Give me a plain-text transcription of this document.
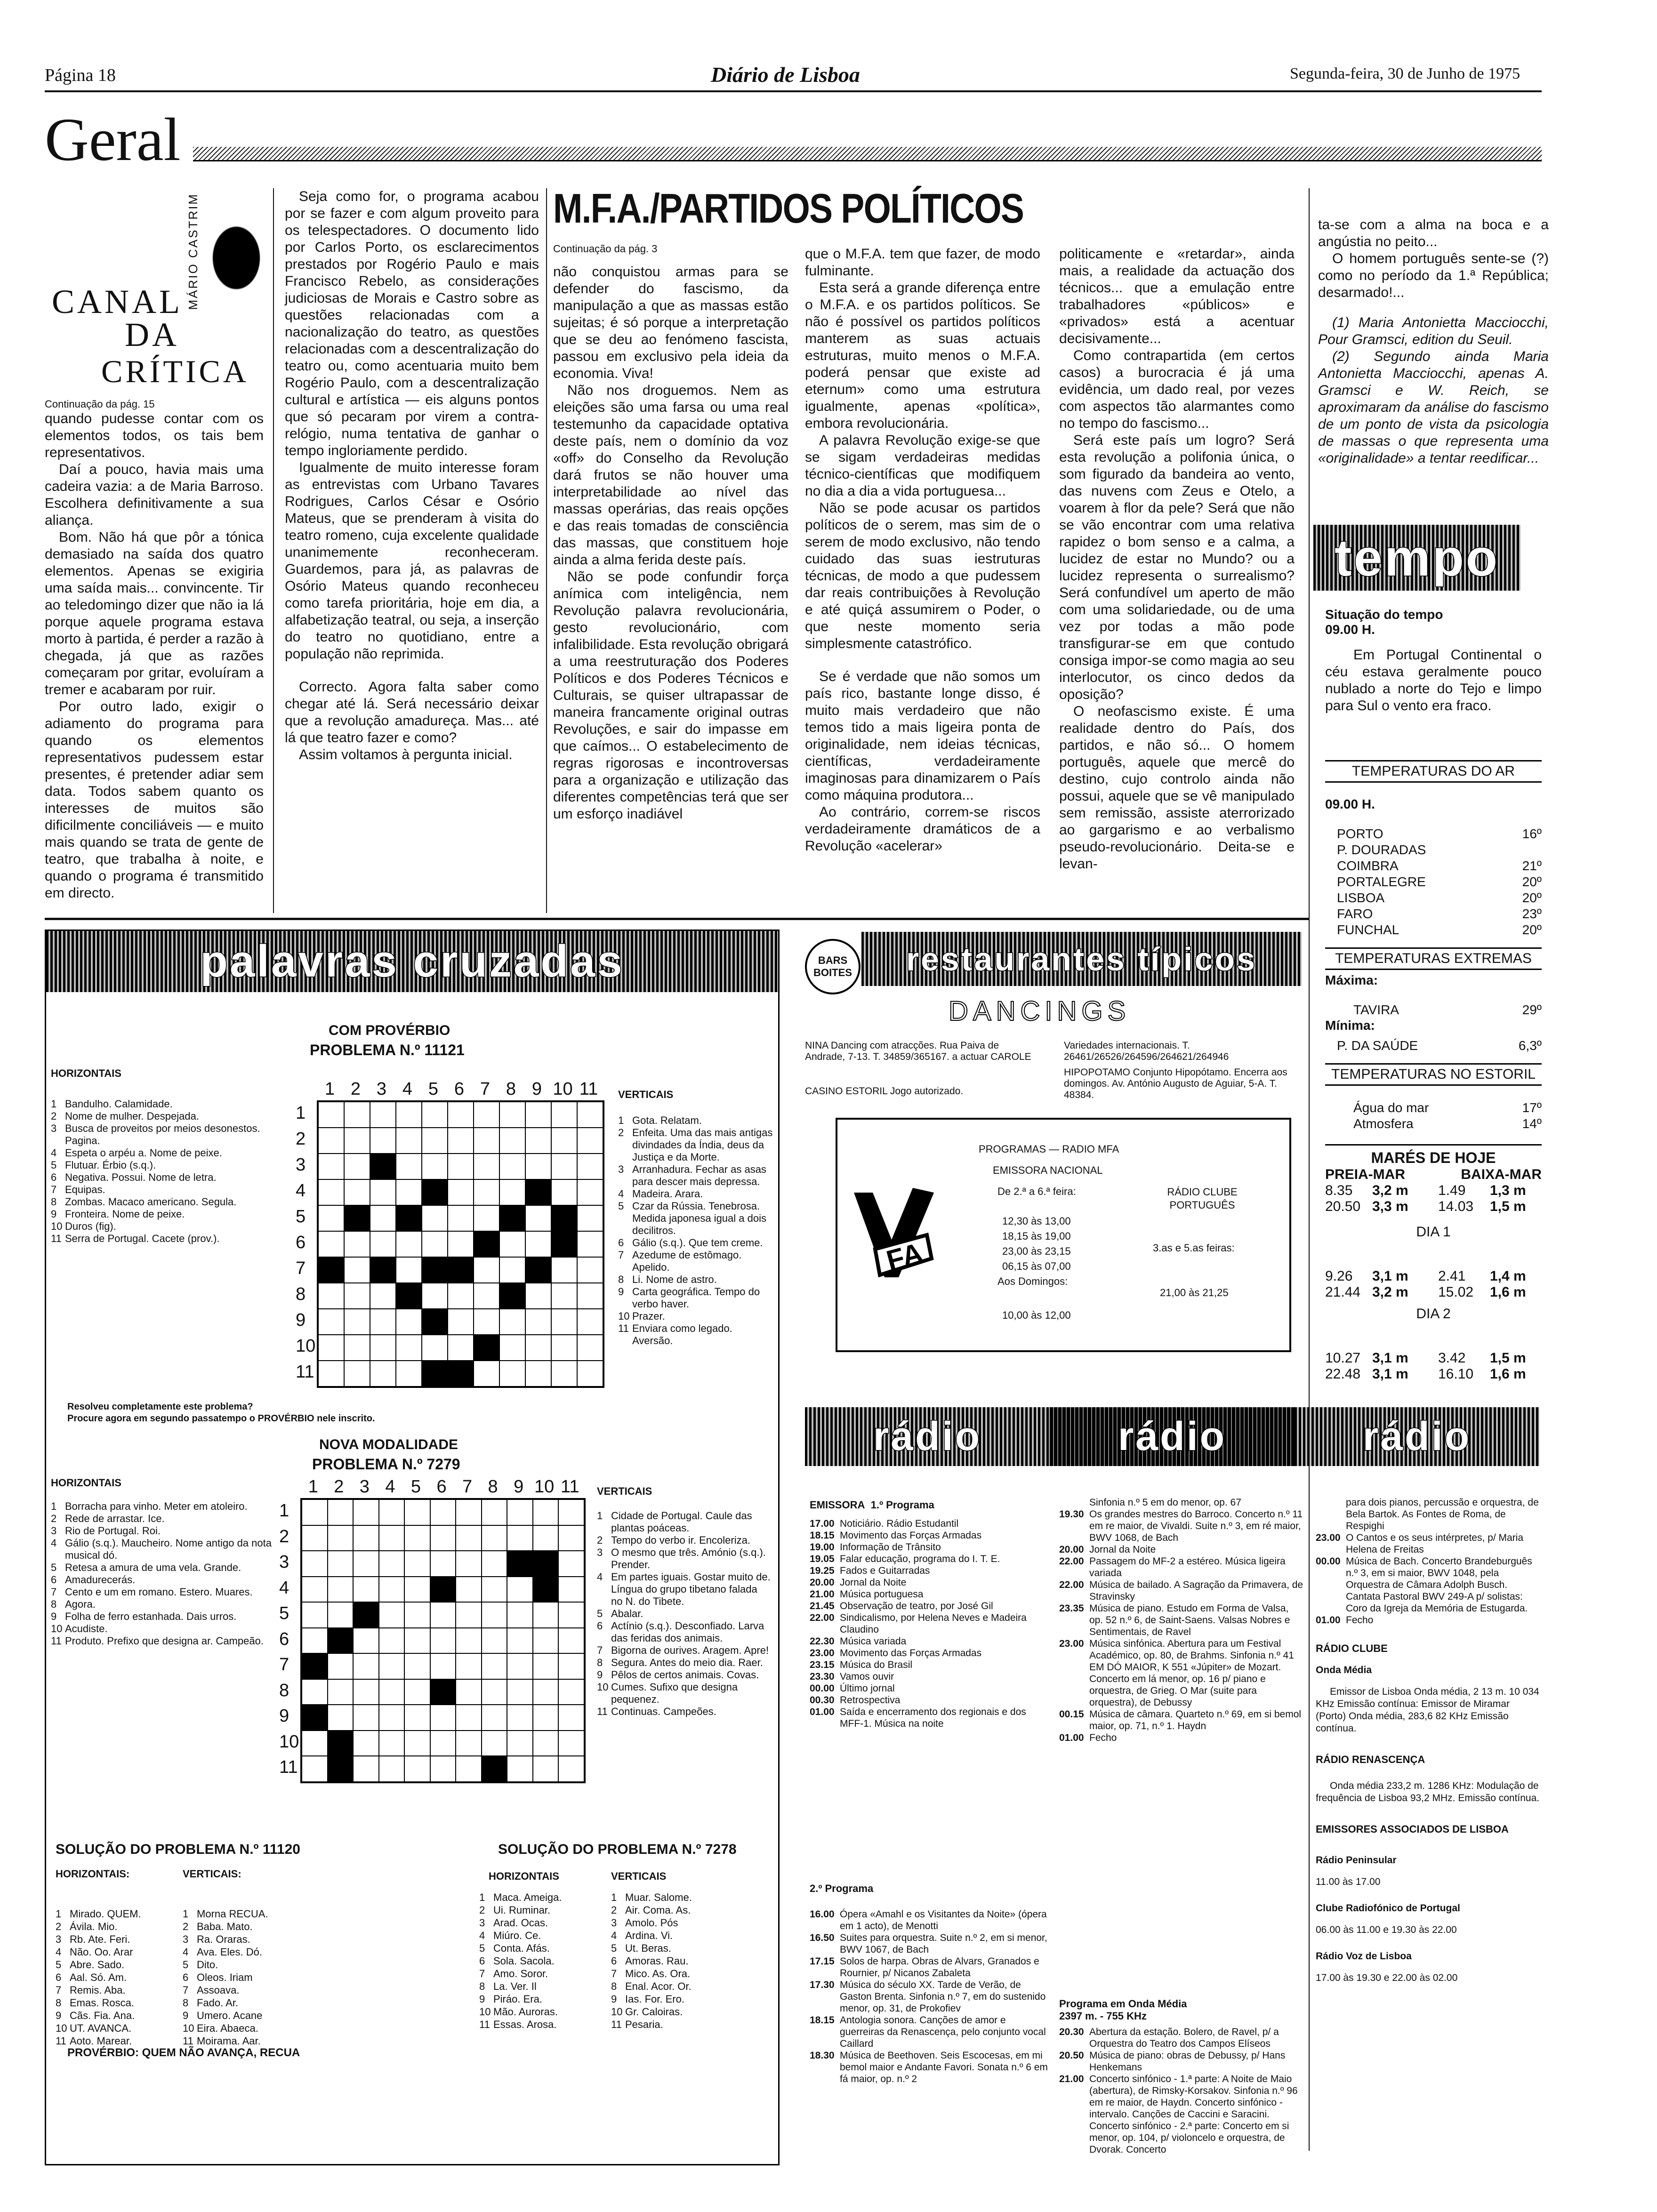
Página 18	Diário de Lisboa	Segunda-feira, 30 de Junho de 1975
Geral
MÁRIO CASTRIM
CANAL
DA
CRÍTICA
Continuação da pág. 15

quando pudesse contar com os elementos todos, os tais bem representativos.

Daí a pouco, havia mais uma cadeira vazia: a de Maria Barroso. Escolhera definitivamente a sua aliança.

Bom. Não há que pôr a tónica demasiado na saída dos quatro elementos. Apenas se exigiria uma saída mais... convincente. Tir ao teledomingo dizer que não ia lá porque aquele programa estava morto à partida, é perder a razão à chegada, já que as razões começaram por gritar, evoluíram a tremer e acabaram por ruir.

Por outro lado, exigir o adiamento do programa para quando os elementos representativos pudessem estar presentes, é pretender adiar sem data. Todos sabem quanto os interesses de muitos são dificilmente conciliáveis — e muito mais quando se trata de gente de teatro, que trabalha à noite, e quando o programa é transmitido em directo.

Seja como for, o programa acabou por se fazer e com algum proveito para os telespectadores. O documento lido por Carlos Porto, os esclarecimentos prestados por Rogério Paulo e mais Francisco Rebelo, as considerações judiciosas de Morais e Castro sobre as questões relacionadas com a nacionalização do teatro, as questões relacionadas com a descentralização do teatro ou, como acentuaria muito bem Rogério Paulo, com a descentralização cultural e artística — eis alguns pontos que só pecaram por virem a contra-relógio, numa tentativa de ganhar o tempo ingloriamente perdido.

Igualmente de muito interesse foram as entrevistas com Urbano Tavares Rodrigues, Carlos César e Osório Mateus, que se prenderam à visita do teatro romeno, cuja excelente qualidade unanimemente reconheceram. Guardemos, para já, as palavras de Osório Mateus quando reconheceu como tarefa prioritária, hoje em dia, a alfabetização teatral, ou seja, a inserção do teatro no quotidiano, entre a população não reprimida.

Correcto. Agora falta saber como chegar até lá. Será necessário deixar que a revolução amadureça. Mas... até lá que teatro fazer e como?

Assim voltamos à pergunta inicial.

M.F.A./PARTIDOS POLÍTICOS
Continuação da pág. 3

não conquistou armas para se defender do fascismo, da manipulação a que as massas estão sujeitas; é só porque a interpretação que se deu ao fenómeno fascista, passou em exclusivo pela ideia da economia. Viva!

Não nos droguemos. Nem as eleições são uma farsa ou uma real testemunho da capacidade optativa deste país, nem o domínio da voz «off» do Conselho da Revolução dará frutos se não houver uma interpretabilidade ao nível das massas operárias, das reais opções e das reais tomadas de consciência das massas, que constituem hoje ainda a alma ferida deste país.

Não se pode confundir força anímica com inteligência, nem Revolução palavra revolucionária, gesto revolucionário, com infalibilidade. Esta revolução obrigará a uma reestruturação dos Poderes Políticos e dos Poderes Técnicos e Culturais, se quiser ultrapassar de maneira francamente original outras Revoluções, e sair do impasse em que caímos... O estabelecimento de regras rigorosas e incontroversas para a organização e utilização das diferentes competências terá que ser um esforço inadiável

que o M.F.A. tem que fazer, de modo fulminante.

Esta será a grande diferença entre o M.F.A. e os partidos políticos. Se não é possível os partidos políticos manterem as suas actuais estruturas, muito menos o M.F.A. poderá pensar que existe ad eternum» como uma estrutura igualmente, apenas «política», embora revolucionária.

A palavra Revolução exige-se que se sigam verdadeiras medidas técnico-científicas que modifiquem no dia a dia a vida portuguesa...

Não se pode acusar os partidos políticos de o serem, mas sim de o serem de modo exclusivo, não tendo cuidado das suas iestruturas técnicas, de modo a que pudessem dar reais contribuições à Revolução e até quiçá assumirem o Poder, o que neste momento seria simplesmente catastrófico.

Se é verdade que não somos um país rico, bastante longe disso, é muito mais verdadeiro que não temos tido a mais ligeira ponta de originalidade, nem ideias técnicas, científicas, verdadeiramente imaginosas para dinamizarem o País como máquina produtora...

Ao contrário, correm-se riscos verdadeiramente dramáticos de a Revolução «acelerar»

politicamente e «retardar», ainda mais, a realidade da actuação dos técnicos... que a emulação entre trabalhadores «públicos» e «privados» está a acentuar decisivamente...

Como contrapartida (em certos casos) a burocracia é já uma evidência, um dado real, por vezes com aspectos tão alarmantes como no tempo do fascismo...

Será este país um logro? Será esta revolução a polifonia única, o som figurado da bandeira ao vento, das nuvens com Zeus e Otelo, a voarem à flor da pele? Será que não se vão encontrar com uma relativa rapidez o bom senso e a calma, a lucidez de estar no Mundo? ou a lucidez representa o surrealismo? Será confundível um aperto de mão com uma solidariedade, ou de uma vez por todas a mão pode transfigurar-se em que contudo consiga impor-se como magia ao seu interlocutor, os cinco dedos da oposição?

O neofascismo existe. É uma realidade dentro do País, dos partidos, e não só... O homem português, aquele que mercê do destino, cujo controlo ainda não possui, aquele que se vê manipulado sem remissão, assiste aterrorizado ao gargarismo e ao verbalismo pseudo-revolucionário. Deita-se e levan-

ta-se com a alma na boca e a angústia no peito...

O homem português sente-se (?) como no período da 1.ª República; desarmado!...

(1) Maria Antonietta Macciocchi, Pour Gramsci, edition du Seuil.

(2) Segundo ainda Maria Antonietta Macciocchi, apenas A. Gramsci e W. Reich, se aproximaram da análise do fascismo de um ponto de vista da psicologia de massas o que representa uma «originalidade» a tentar reedificar...

tempo
Situação do tempo
09.00 H.
Em Portugal Continental o céu estava geralmente pouco nublado a norte do Tejo e limpo para Sul o vento era fraco.
TEMPERATURAS DO AR
09.00 H.
PORTO	16º
P. DOURADAS
COIMBRA	21º
PORTALEGRE	20º
LISBOA	20º
FARO	23º
FUNCHAL	20º
TEMPERATURAS EXTREMAS
Máxima:
TAVIRA	29º
Mínima:
P. DA SAÚDE	6,3º
TEMPERATURAS NO ESTORIL
Água do mar	17º
Atmosfera	14º
MARÉS DE HOJE
PREIA-MAR	BAIXA-MAR
8.35	3,2 m	1.49	1,3 m
20.50 3,3 m	14.03	1,5 m
DIA 1
9.26	3,1 m	2.41	1,4 m
21.44 3,2 m	15.02	1,6 m
DIA 2
10.27 3,1 m	3.42	1,5 m
22.48 3,1 m	16.10	1,6 m
palavras cruzadas
COM PROVÉRBIO
PROBLEMA N.º 11121
HORIZONTAIS
1 Bandulho. Calamidade.
2 Nome de mulher. Despejada.
3 Busca de proveitos por meios desonestos. Pagina.
4 Espeta o arpéu a. Nome de peixe.
5 Flutuar. Érbio (s.q.).
6 Negativa. Possui. Nome de letra.
7 Equipas.
8 Zombas. Macaco americano. Segula.
9 Fronteira. Nome de peixe.
10 Duros (fig).
11 Serra de Portugal. Cacete (prov.).
1 2 3 4 5 6 7 8 9 10 11
1
2
3
4
5
6
7
8
9
10
11
VERTICAIS
1 Gota. Relatam.
2 Enfeita. Uma das mais antigas divindades da Índia, deus da Justiça e da Morte.
3 Arranhadura. Fechar as asas para descer mais depressa.
4 Madeira. Arara.
5 Czar da Rússia. Tenebrosa. Medida japonesa igual a dois decilitros.
6 Gálio (s.q.). Que tem creme.
7 Azedume de estômago. Apelido.
8 Li. Nome de astro.
9 Carta geográfica. Tempo do verbo haver.
10 Prazer.
11 Enviara como legado. Aversão.
Resolveu completamente este problema?
Procure agora em segundo passatempo o PROVÉRBIO nele inscrito.
NOVA MODALIDADE
PROBLEMA N.º 7279
HORIZONTAIS
1 Borracha para vinho. Meter em atoleiro.
2 Rede de arrastar. Ice.
3 Rio de Portugal. Roi.
4 Gálio (s.q.). Maucheiro. Nome antigo da nota musical dó.
5 Retesa a amura de uma vela. Grande.
6 Amadurecerás.
7 Cento e um em romano. Estero. Muares.
8 Agora.
9 Folha de ferro estanhada. Dais urros.
10 Acudiste.
11 Produto. Prefixo que designa ar. Campeão.
1 2 3 4 5 6 7 8 9 10 11
1
2
3
4
5
6
7
8
9
10
11
VERTICAIS
1 Cidade de Portugal. Caule das plantas poáceas.
2 Tempo do verbo ir. Encoleriza.
3 O mesmo que três. Amónio (s.q.). Prender.
4 Em partes iguais. Gostar muito de. Língua do grupo tibetano falada no N. do Tibete.
5 Abalar.
6 Actínio (s.q.). Desconfiado. Larva das feridas dos animais.
7 Bigorna de ourives. Aragem. Apre!
8 Segura. Antes do meio dia. Raer.
9 Pêlos de certos animais. Covas.
10 Cumes. Sufixo que designa pequenez.
11 Continuas. Campeões.
SOLUÇÃO DO PROBLEMA N.º 11120	SOLUÇÃO DO PROBLEMA N.º 7278
HORIZONTAIS:	VERTICAIS:
1 Mirado. QUEM.
2 Ávila. Mio.
3 Rb. Ate. Feri.
4 Não. Oo. Arar
5 Abre. Sado.
6 Aal. Só. Am.
7 Remis. Aba.
8 Emas. Rosca.
9 Cãs. Fia. Ana.
10 UT. AVANCA.
11 Aoto. Marear.
1 Morna RECUA.
2 Baba. Mato.
3 Ra. Oraras.
4 Ava. Eles. Dó.
5 Dito.
6 Oleos. Iriam
7 Assoava.
8 Fado. Ar.
9 Umero. Acane
10 Eira. Abaeca.
11 Moirama. Aar.
HORIZONTAIS	VERTICAIS
1 Maca. Ameiga.
2 Ui. Ruminar.
3 Arad. Ocas.
4 Miúro. Ce.
5 Conta. Afás.
6 Sola. Sacola.
7 Amo. Soror.
8 La. Ver. Il
9 Piráo. Era.
10 Mão. Auroras.
11 Essas. Arosa.
1 Muar. Salome.
2 Air. Coma. As.
3 Amolo. Pós
4 Ardina. Vi.
5 Ut. Beras.
6 Amoras. Rau.
7 Mico. As. Ora.
8 Enal. Acor. Or.
9 Ias. For. Ero.
10 Gr. Caloiras.
11 Pesaria.
PROVÉRBIO: QUEM NÃO AVANÇA, RECUA
BARS
BOITES restaurantes típicos
DANCINGS
NINA Dancing com atracções. Rua Paiva de Andrade, 7-13. T. 34859/365167. a actuar CAROLE
Variedades internacionais. T. 26461/26526/264596/264621/264946
HIPOPOTAMO Conjunto Hipopótamo. Encerra aos domingos. Av. António Augusto de Aguiar, 5-A. T. 48384.
CASINO ESTORIL Jogo autorizado.
FA
PROGRAMAS — RADIO MFA
EMISSORA NACIONAL
De 2.ª a 6.ª feira:
12,30 às 13,00
18,15 às 19,00
23,00 às 23,15
06,15 às 07,00
Aos Domingos:
10,00 às 12,00
RÁDIO CLUBE PORTUGUÊS
3.as e 5.as feiras:
21,00 às 21,25
rádio	rádio	rádio
EMISSORA 1.º Programa
17.00 Noticiário. Rádio Estudantil
18.15 Movimento das Forças Armadas
19.00 Informação de Trânsito
19.05 Falar educação, programa do I. T. E.
19.25 Fados e Guitarradas
20.00 Jornal da Noite
21.00 Música portuguesa
21.45 Observação de teatro, por José Gil
22.00 Sindicalismo, por Helena Neves e Madeira Claudino
22.30 Música variada
23.00 Movimento das Forças Armadas
23.15 Música do Brasil
23.30 Vamos ouvir
00.00 Último jornal
00.30 Retrospectiva
01.00 Saída e encerramento dos regionais e dos MFF-1. Música na noite
2.º Programa
16.00 Ópera «Amahl e os Visitantes da Noite» (ópera em 1 acto), de Menotti
16.50 Suites para orquestra. Suite n.º 2, em si menor, BWV 1067, de Bach
17.15 Solos de harpa. Obras de Alvars, Granados e Rournier, p/ Nicanos Zabaleta
17.30 Música do século XX. Tarde de Verão, de Gaston Brenta. Sinfonia n.º 7, em do sustenido menor, op. 31, de Prokofiev
18.15 Antologia sonora. Canções de amor e guerreiras da Renascença, pelo conjunto vocal Caillard
18.30 Música de Beethoven. Seis Escocesas, em mi bemol maior e Andante Favori. Sonata n.º 6 em fá maior, op. n.º 2
Sinfonia n.º 5 em do menor, op. 67
19.30 Os grandes mestres do Barroco. Concerto n.º 11 em re maior, de Vivaldi. Suite n.º 3, em ré maior, BWV 1068, de Bach
20.00 Jornal da Noite
22.00 Passagem do MF-2 a estéreo. Música ligeira variada
22.00 Música de bailado. A Sagração da Primavera, de Stravinsky
23.35 Música de piano. Estudo em Forma de Valsa, op. 52 n.º 6, de Saint-Saens. Valsas Nobres e Sentimentais, de Ravel
23.00 Música sinfónica. Abertura para um Festival Académico, op. 80, de Brahms. Sinfonia n.º 41 EM DÓ MAIOR, K 551 «Júpiter» de Mozart. Concerto em lá menor, op. 16 p/ piano e orquestra, de Grieg. O Mar (suite para orquestra), de Debussy
00.15 Música de câmara. Quarteto n.º 69, em si bemol maior, op. 71, n.º 1. Haydn
01.00 Fecho
Programa em Onda Média
2397 m. - 755 KHz
20.30 Abertura da estação. Bolero, de Ravel, p/ a Orquestra do Teatro dos Campos Elíseos
20.50 Música de piano: obras de Debussy, p/ Hans Henkemans
21.00 Concerto sinfónico - 1.ª parte: A Noite de Maio (abertura), de Rimsky-Korsakov. Sinfonia n.º 96 em re maior, de Haydn. Concerto sinfónico - intervalo. Canções de Caccini e Saracini. Concerto sinfónico - 2.ª parte: Concerto em si menor, op. 104, p/ violoncelo e orquestra, de Dvorak. Concerto
para dois pianos, percussão e orquestra, de Bela Bartok. As Fontes de Roma, de Respighi
23.00 O Cantos e os seus intérpretes, p/ Maria Helena de Freitas
00.00 Música de Bach. Concerto Brandeburguês n.º 3, em si maior, BWV 1048, pela Orquestra de Câmara Adolph Busch. Cantata Pastoral BWV 249-A p/ solistas: Coro da Igreja da Memória de Estugarda.
01.00 Fecho
RÁDIO CLUBE
Onda Média
Emissor de Lisboa Onda média, 2 13 m. 10 034 KHz Emissão contínua: Emissor de Miramar (Porto) Onda média, 283,6 82 KHz Emissão contínua.
RÁDIO RENASCENÇA
Onda média 233,2 m. 1286 KHz: Modulação de frequência de Lisboa 93,2 MHz. Emissão contínua.
EMISSORES ASSOCIADOS DE LISBOA
Rádio Peninsular
11.00 às 17.00
Clube Radiofónico de Portugal
06.00 às 11.00 e 19.30 às 22.00
Rádio Voz de Lisboa
17.00 às 19.30 e 22.00 às 02.00
